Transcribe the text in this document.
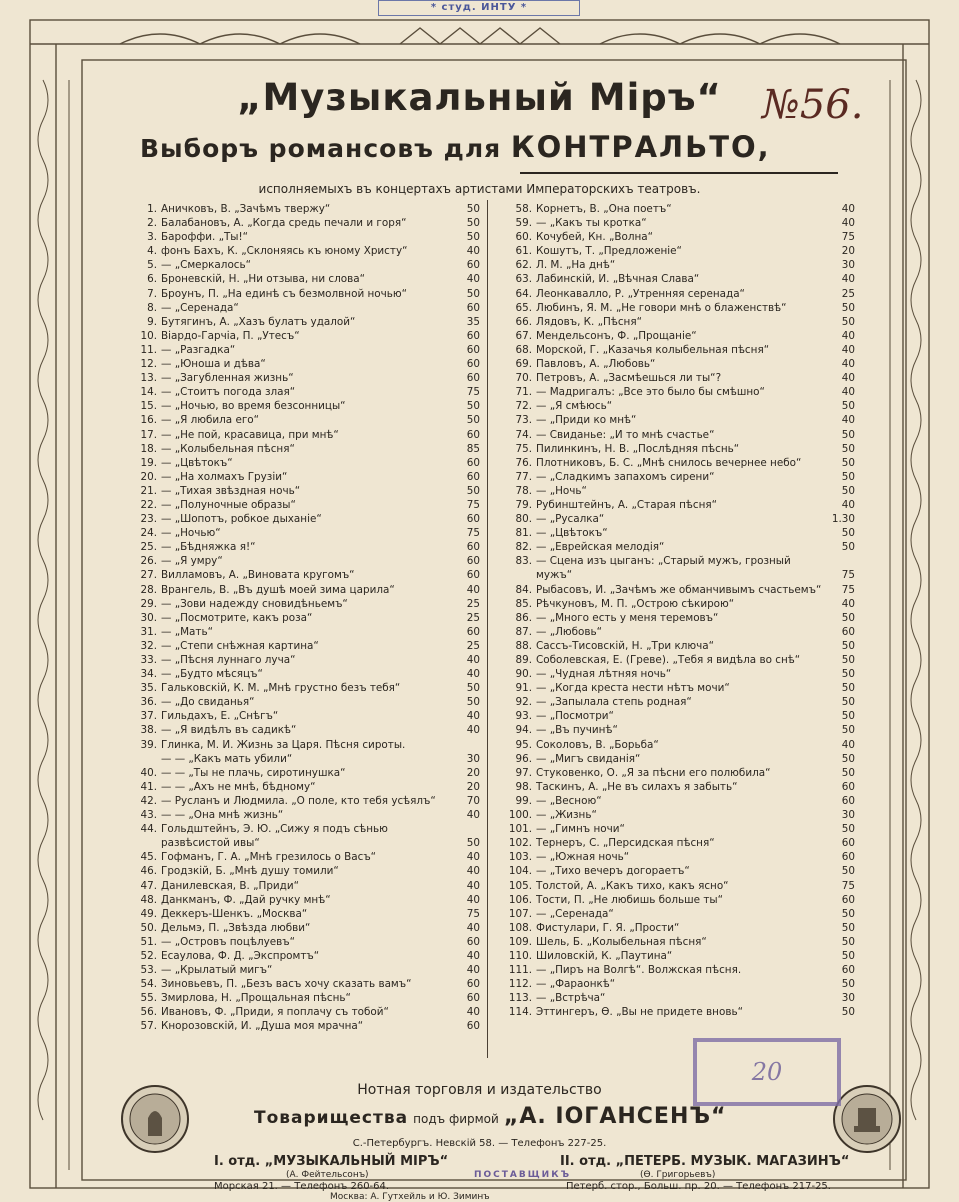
* студ. ИНТУ *
„Музыкальный Міръ“	№56.
Выборъ романсовъ для КОНТРАЛЬТО,
исполняемыхъ въ концертахъ артистами Императорскихъ театровъ.
1. Аничковъ, В. „Зачѣмъ твержу“	50
2. Балабановъ, А. „Когда средь печали и горя“	50
3. Бароффи. „Ты!“	50
4. фонъ Бахъ, К. „Склоняясь къ юному Христу“	40
5. — „Смеркалось“	60
6. Броневскій, Н. „Ни отзыва, ни слова“	40
7. Броунъ, П. „На единѣ съ безмолвной ночью“	50
8. — „Серенада“	60
9. Бутягинъ, А. „Хазъ булатъ удалой“	35
10. Віардо-Гарчіа, П. „Утесъ“	60
11. — „Разгадка“	60
12. — „Юноша и дѣва“	60
13. — „Загубленная жизнь“	60
14. — „Стоитъ погода злая“	75
15. — „Ночью, во время безсонницы“	50
16. — „Я любила его“	50
17. — „Не пой, красавица, при мнѣ“	60
18. — „Колыбельная пѣсня“	85
19. — „Цвѣтокъ“	60
20. — „На холмахъ Грузіи“	60
21. — „Тихая звѣздная ночь“	50
22. — „Полуночные образы“	75
23. — „Шопотъ, робкое дыханіе“	60
24. — „Ночью“	75
25. — „Бѣдняжка я!“	60
26. — „Я умру“	60
27. Вилламовъ, А. „Виновата кругомъ“	60
28. Врангель, В. „Въ душѣ моей зима царила“	40
29. — „Зови надежду сновидѣньемъ“	25
30. — „Посмотрите, какъ роза“	25
31. — „Мать“	60
32. — „Степи снѣжная картина“	25
33. — „Пѣсня луннаго луча“	40
34. — „Будто мѣсяцъ“	40
35. Гальковскій, К. М. „Мнѣ грустно безъ тебя“	50
36. — „До свиданья“	50
37. Гильдахъ, Е. „Снѣгъ“	40
38. — „Я видѣлъ въ садикѣ“	40
39. Глинка, М. И. Жизнь за Царя. Пѣсня сироты.
— — „Какъ мать убили“	30
40. — — „Ты не плачь, сиротинушка“	20
41. — — „Ахъ не мнѣ, бѣдному“	20
42. — Русланъ и Людмила. „О поле, кто тебя усѣялъ“	70
43. — — „Она мнѣ жизнь“	40
44. Гольдштейнъ, Э. Ю. „Сижу я подъ сѣнью
развѣсистой ивы“	50
45. Гофманъ, Г. А. „Мнѣ грезилось о Васъ“	40
46. Гродзкій, Б. „Мнѣ душу томили“	40
47. Данилевская, В. „Приди“	40
48. Данкманъ, Ф. „Дай ручку мнѣ“	40
49. Деккеръ-Шенкъ. „Москва“	75
50. Дельмэ, П. „Звѣзда любви“	40
51. — „Островъ поцѣлуевъ“	60
52. Есаулова, Ф. Д. „Экспромтъ“	40
53. — „Крылатый мигъ“	40
54. Зиновьевъ, П. „Безъ васъ хочу сказать вамъ“	60
55. Змирлова, Н. „Прощальная пѣснь“	60
56. Ивановъ, Ф. „Приди, я поплачу съ тобой“	40
57. Кнорозовскій, И. „Душа моя мрачна“	60
58. Корнетъ, В. „Она поетъ“	40
59. — „Какъ ты кротка“	40
60. Кочубей, Кн. „Волна“	75
61. Кошутъ, Т. „Предложеніе“	20
62. Л. М. „На днѣ“	30
63. Лабинскій, И. „Вѣчная Слава“	40
64. Леонкавалло, Р. „Утренняя серенада“	25
65. Любинъ, Я. М. „Не говори мнѣ о блаженствѣ“	50
66. Лядовъ, К. „Пѣсня“	50
67. Мендельсонъ, Ф. „Прощаніе“	40
68. Морской, Г. „Казачья колыбельная пѣсня“	40
69. Павловъ, А. „Любовь“	40
70. Петровъ, А. „Засмѣешься ли ты“?	40
71. — Мадригалъ: „Все это было бы смѣшно“	40
72. — „Я смѣюсь“	50
73. — „Приди ко мнѣ“	40
74. — Свиданье: „И то мнѣ счастье“	50
75. Пилинкинъ, Н. В. „Послѣдняя пѣснь“	50
76. Плотниковъ, Б. С. „Мнѣ снилось вечернее небо“	50
77. — „Сладкимъ запахомъ сирени“	50
78. — „Ночь“	50
79. Рубинштейнъ, А. „Старая пѣсня“	40
80. — „Русалка“	1.30
81. — „Цвѣтокъ“	50
82. — „Еврейская мелодія“	50
83. — Сцена изъ цыганъ: „Старый мужъ, грозный
мужъ“	75
84. Рыбасовъ, И. „Зачѣмъ же обманчивымъ счастьемъ“	75
85. Рѣчкуновъ, М. П. „Острою сѣкирою“	40
86. — „Много есть у меня теремовъ“	50
87. — „Любовь“	60
88. Сассъ-Тисовскій, Н. „Три ключа“	50
89. Соболевская, Е. (Греве). „Тебя я видѣла во снѣ“	50
90. — „Чудная лѣтняя ночь“	50
91. — „Когда креста нести нѣтъ мочи“	50
92. — „Запылала степь родная“	50
93. — „Посмотри“	50
94. — „Въ пучинѣ“	50
95. Соколовъ, В. „Борьба“	40
96. — „Мигъ свиданія“	50
97. Стуковенко, О. „Я за пѣсни его полюбила“	50
98. Таскинъ, А. „Не въ силахъ я забыть“	60
99. — „Весною“	60
100. — „Жизнь“	30
101. — „Гимнъ ночи“	50
102. Тернеръ, С. „Персидская пѣсня“	60
103. — „Южная ночь“	60
104. — „Тихо вечеръ догораетъ“	50
105. Толстой, А. „Какъ тихо, какъ ясно“	75
106. Тости, П. „Не любишь больше ты“	60
107. — „Серенада“	50
108. Фистулари, Г. Я. „Прости“	50
109. Шель, Б. „Колыбельная пѣсня“	50
110. Шиловскій, К. „Паутина“	50
111. — „Пиръ на Волгѣ“. Волжская пѣсня.	60
112. — „Фараонкѣ“	50
113. — „Встрѣча“	30
114. Эттингеръ, Ѳ. „Вы не придете вновь“	50
Нотная торговля и издательство
Товарищества подъ фирмой „А. ІОГАНСЕНЪ“
С.-Петербургъ. Невскій 58. — Телефонъ 227-25.
I. отд. „МУЗЫКАЛЬНЫЙ МІРЪ“
(А. Фейтельсонъ)
Морская 21. — Телефонъ 260-64.
II. отд. „ПЕТЕРБ. МУЗЫК. МАГАЗИНЪ“
(Ѳ. Григорьевъ)
Петерб. стор., Больш. пр. 20. — Телефонъ 217-25.
Москва: А. Гутхейль и Ю. Зиминъ
20
ПОСТАВЩИКЪ
